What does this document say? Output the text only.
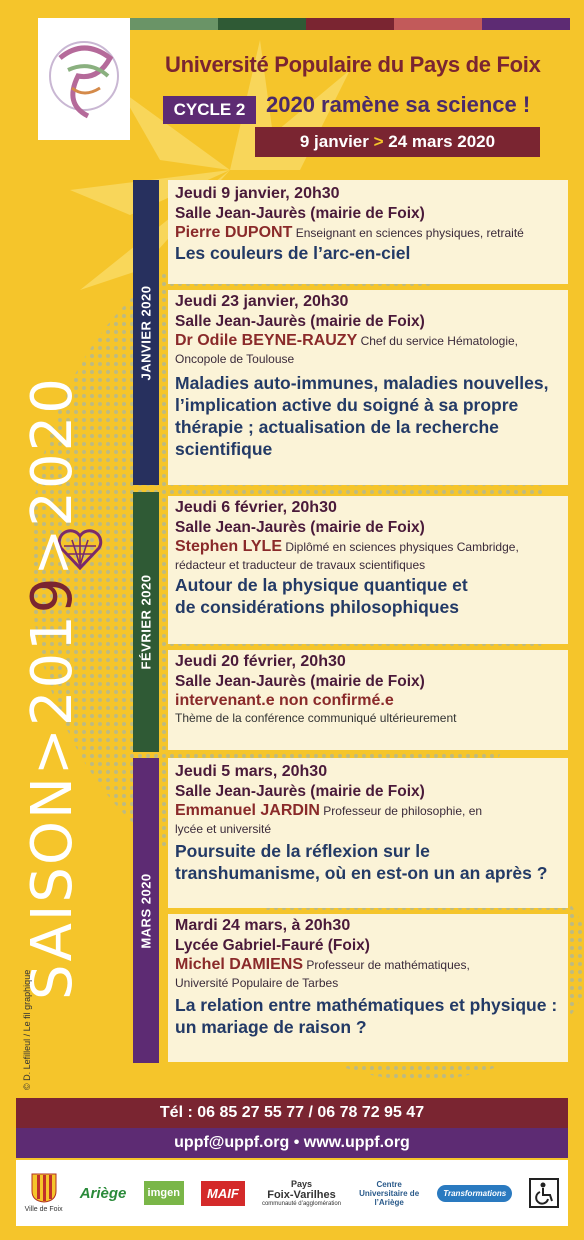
Université Populaire du Pays de Foix
CYCLE 2 2020 ramène sa science !
9 janvier > 24 mars 2020
JANVIER 2020
FÉVRIER 2020
MARS 2020
Jeudi 9 janvier, 20h30
Salle Jean-Jaurès (mairie de Foix)
Pierre DUPONT Enseignant en sciences physiques, retraité
Les couleurs de l’arc-en-ciel
Jeudi 23 janvier, 20h30
Salle Jean-Jaurès (mairie de Foix)
Dr Odile BEYNE-RAUZY Chef du service Hématologie, Oncopole de Toulouse
Maladies auto-immunes, maladies nouvelles, l’implication active du soigné à sa propre thérapie ; actualisation de la recherche scientifique
Jeudi 6 février, 20h30
Salle Jean-Jaurès (mairie de Foix)
Stephen LYLE Diplômé en sciences physiques Cambridge, rédacteur et traducteur de travaux scientifiques
Autour de la physique quantique et de considérations philosophiques
Jeudi 20 février, 20h30
Salle Jean-Jaurès (mairie de Foix)
intervenant.e non confirmé.e
Thème de la conférence communiqué ultérieurement
Jeudi 5 mars, 20h30
Salle Jean-Jaurès (mairie de Foix)
Emmanuel JARDIN Professeur de philosophie, en lycée et université
Poursuite de la réflexion sur le transhumanisme, où en est-on un an après ?
Mardi 24 mars, à 20h30
Lycée Gabriel-Fauré (Foix)
Michel DAMIENS Professeur de mathématiques, Université Populaire de Tarbes
La relation entre mathématiques et physique : un mariage de raison ?
SAISON>2019>2020
© D. Lefilleul / Le fil graphique
Tél : 06 85 27 55 77 / 06 78 72 95 47
uppf@uppf.org • www.uppf.org
Ville de Foix
Ariège	imgen	MAIF
Pays
Foix-Varilhes
communauté d’agglomération
Centre Universitaire de l’Ariège
Transformations
